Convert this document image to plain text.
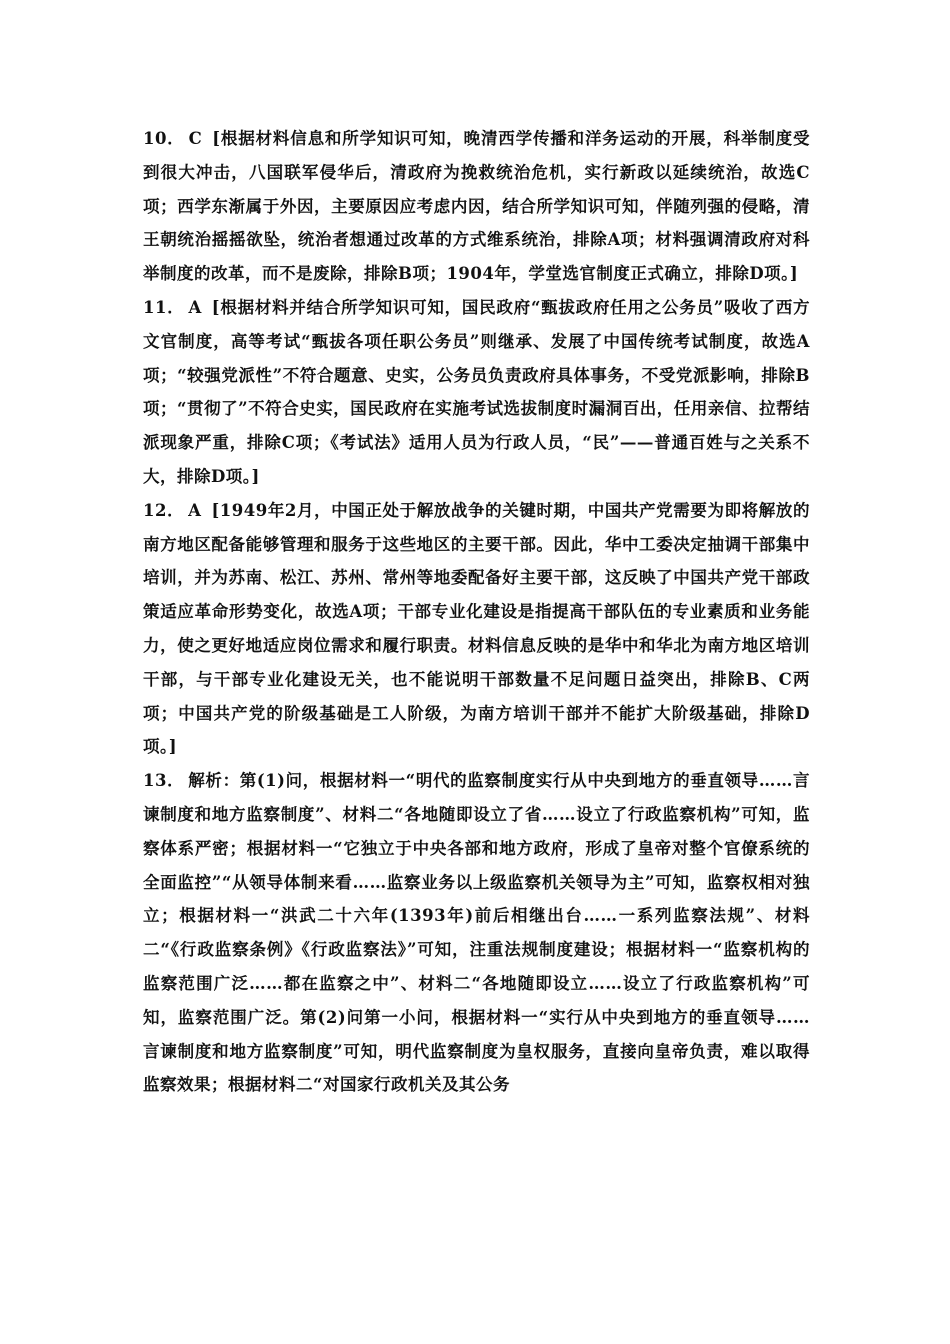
10． C [根据材料信息和所学知识可知，晚清西学传播和洋务运动的开展，科举制度受到很大冲击，八国联军侵华后，清政府为挽救统治危机，实行新政以延续统治，故选C项；西学东渐属于外因，主要原因应考虑内因，结合所学知识可知，伴随列强的侵略，清王朝统治摇摇欲坠，统治者想通过改革的方式维系统治，排除A项；材料强调清政府对科举制度的改革，而不是废除，排除B项；1904年，学堂选官制度正式确立，排除D项。]

11． A [根据材料并结合所学知识可知，国民政府“甄拔政府任用之公务员”吸收了西方文官制度，高等考试“甄拔各项任职公务员”则继承、发展了中国传统考试制度，故选A项；“较强党派性”不符合题意、史实，公务员负责政府具体事务，不受党派影响，排除B项；“贯彻了”不符合史实，国民政府在实施考试选拔制度时漏洞百出，任用亲信、拉帮结派现象严重，排除C项；《考试法》适用人员为行政人员，“民”——普通百姓与之关系不大，排除D项。]

12． A [1949年2月，中国正处于解放战争的关键时期，中国共产党需要为即将解放的南方地区配备能够管理和服务于这些地区的主要干部。因此，华中工委决定抽调干部集中培训，并为苏南、松江、苏州、常州等地委配备好主要干部，这反映了中国共产党干部政策适应革命形势变化，故选A项；干部专业化建设是指提高干部队伍的专业素质和业务能力，使之更好地适应岗位需求和履行职责。材料信息反映的是华中和华北为南方地区培训干部，与干部专业化建设无关，也不能说明干部数量不足问题日益突出，排除B、C两项；中国共产党的阶级基础是工人阶级，为南方培训干部并不能扩大阶级基础，排除D项。]

13． 解析：第(1)问，根据材料一“明代的监察制度实行从中央到地方的垂直领导……言谏制度和地方监察制度”、材料二“各地随即设立了省……设立了行政监察机构”可知，监察体系严密；根据材料一“它独立于中央各部和地方政府，形成了皇帝对整个官僚系统的全面监控”“从领导体制来看……监察业务以上级监察机关领导为主”可知，监察权相对独立；根据材料一“洪武二十六年(1393年)前后相继出台……一系列监察法规”、材料二“《行政监察条例》《行政监察法》”可知，注重法规制度建设；根据材料一“监察机构的监察范围广泛……都在监察之中”、材料二“各地随即设立……设立了行政监察机构”可知，监察范围广泛。第(2)问第一小问，根据材料一“实行从中央到地方的垂直领导……言谏制度和地方监察制度”可知，明代监察制度为皇权服务，直接向皇帝负责，难以取得监察效果；根据材料二“对国家行政机关及其公务
